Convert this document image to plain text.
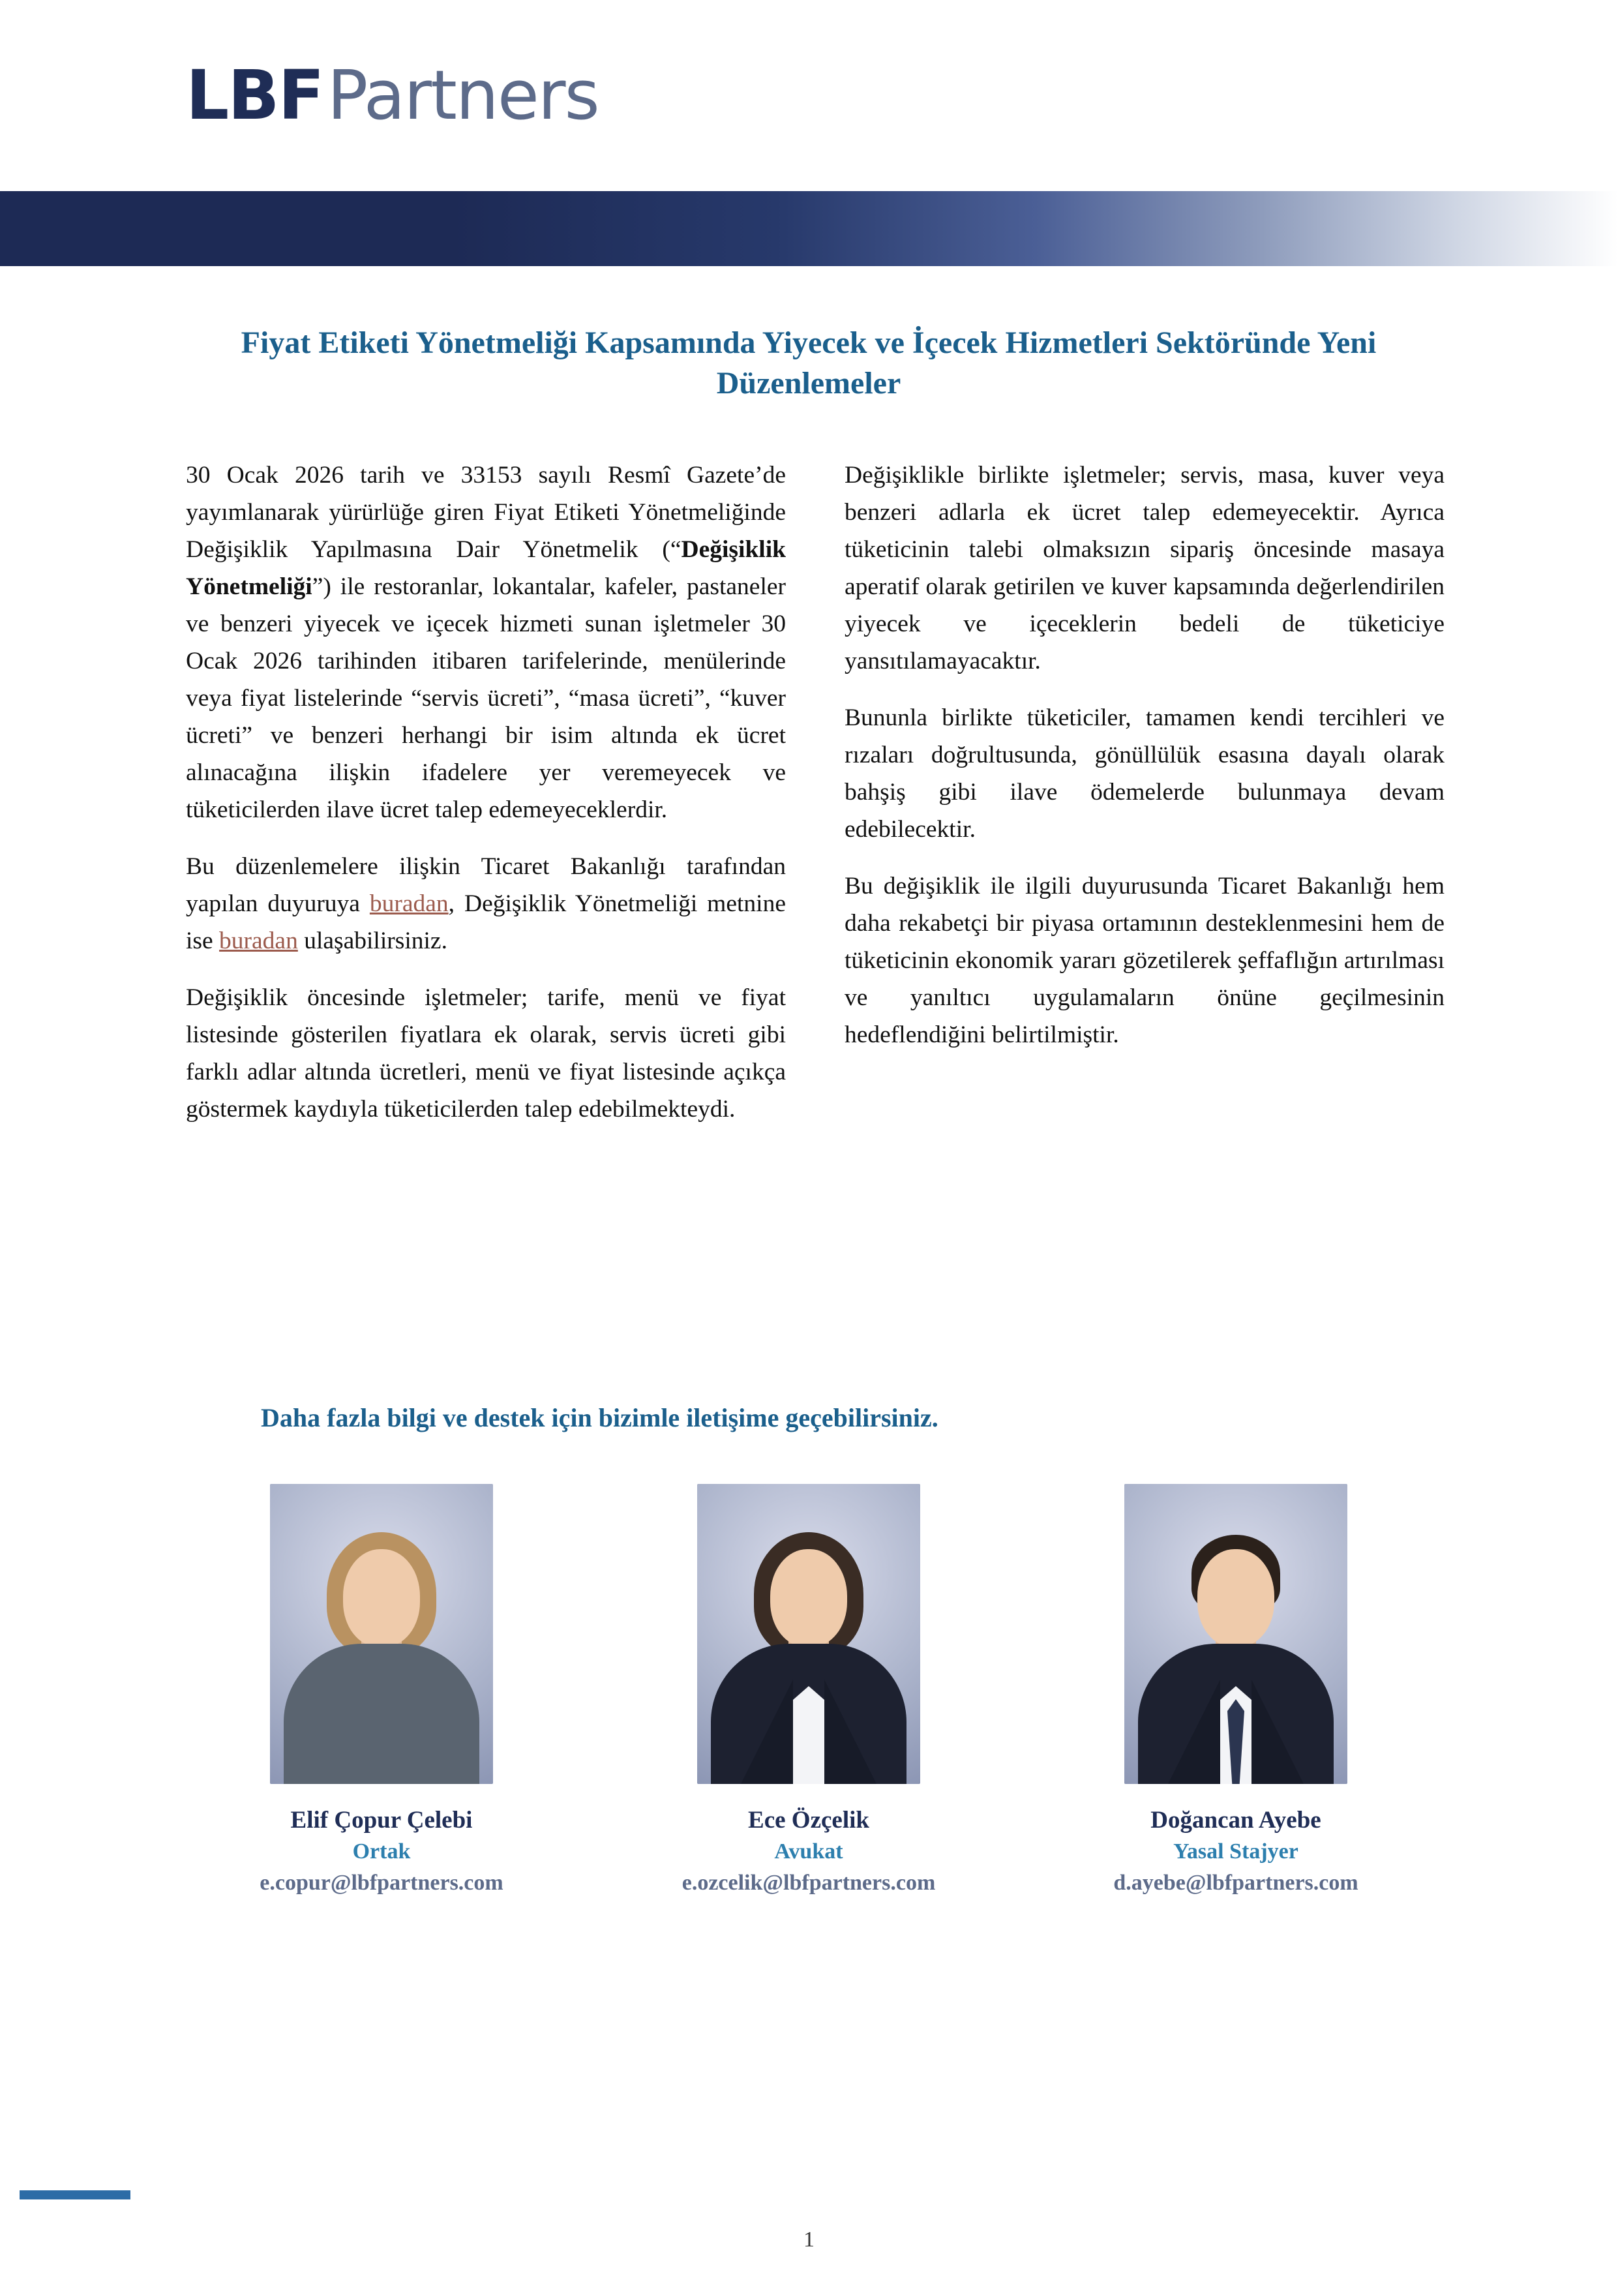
LBF Partners
Fiyat Etiketi Yönetmeliği Kapsamında Yiyecek ve İçecek Hizmetleri Sektöründe Yeni Düzenlemeler

30 Ocak 2026 tarih ve 33153 sayılı Resmî Gazete’de yayımlanarak yürürlüğe giren Fiyat Etiketi Yönetmeliğinde Değişiklik Yapılmasına Dair Yönetmelik (“Değişiklik Yönetmeliği”) ile restoranlar, lokantalar, kafeler, pastaneler ve benzeri yiyecek ve içecek hizmeti sunan işletmeler 30 Ocak 2026 tarihinden itibaren tarifelerinde, menülerinde veya fiyat listelerinde “servis ücreti”, “masa ücreti”, “kuver ücreti” ve benzeri herhangi bir isim altında ek ücret alınacağına ilişkin ifadelere yer veremeyecek ve tüketicilerden ilave ücret talep edemeyeceklerdir.

Bu düzenlemelere ilişkin Ticaret Bakanlığı tarafından yapılan duyuruya buradan, Değişiklik Yönetmeliği metnine ise buradan ulaşabilirsiniz.

Değişiklik öncesinde işletmeler; tarife, menü ve fiyat listesinde gösterilen fiyatlara ek olarak, servis ücreti gibi farklı adlar altında ücretleri, menü ve fiyat listesinde açıkça göstermek kaydıyla tüketicilerden talep edebilmekteydi.

Değişiklikle birlikte işletmeler; servis, masa, kuver veya benzeri adlarla ek ücret talep edemeyecektir. Ayrıca tüketicinin talebi olmaksızın sipariş öncesinde masaya aperatif olarak getirilen ve kuver kapsamında değerlendirilen yiyecek ve içeceklerin bedeli de tüketiciye yansıtılamayacaktır.

Bununla birlikte tüketiciler, tamamen kendi tercihleri ve rızaları doğrultusunda, gönüllülük esasına dayalı olarak bahşiş gibi ilave ödemelerde bulunmaya devam edebilecektir.

Bu değişiklik ile ilgili duyurusunda Ticaret Bakanlığı hem daha rekabetçi bir piyasa ortamının desteklenmesini hem de tüketicinin ekonomik yararı gözetilerek şeffaflığın artırılması ve yanıltıcı uygulamaların önüne geçilmesinin hedeflendiğini belirtilmiştir.

Daha fazla bilgi ve destek için bizimle iletişime geçebilirsiniz.
Elif Çopur Çelebi
Ortak
e.copur@lbfpartners.com
Ece Özçelik
Avukat
e.ozcelik@lbfpartners.com
Doğancan Ayebe
Yasal Stajyer
d.ayebe@lbfpartners.com
1
